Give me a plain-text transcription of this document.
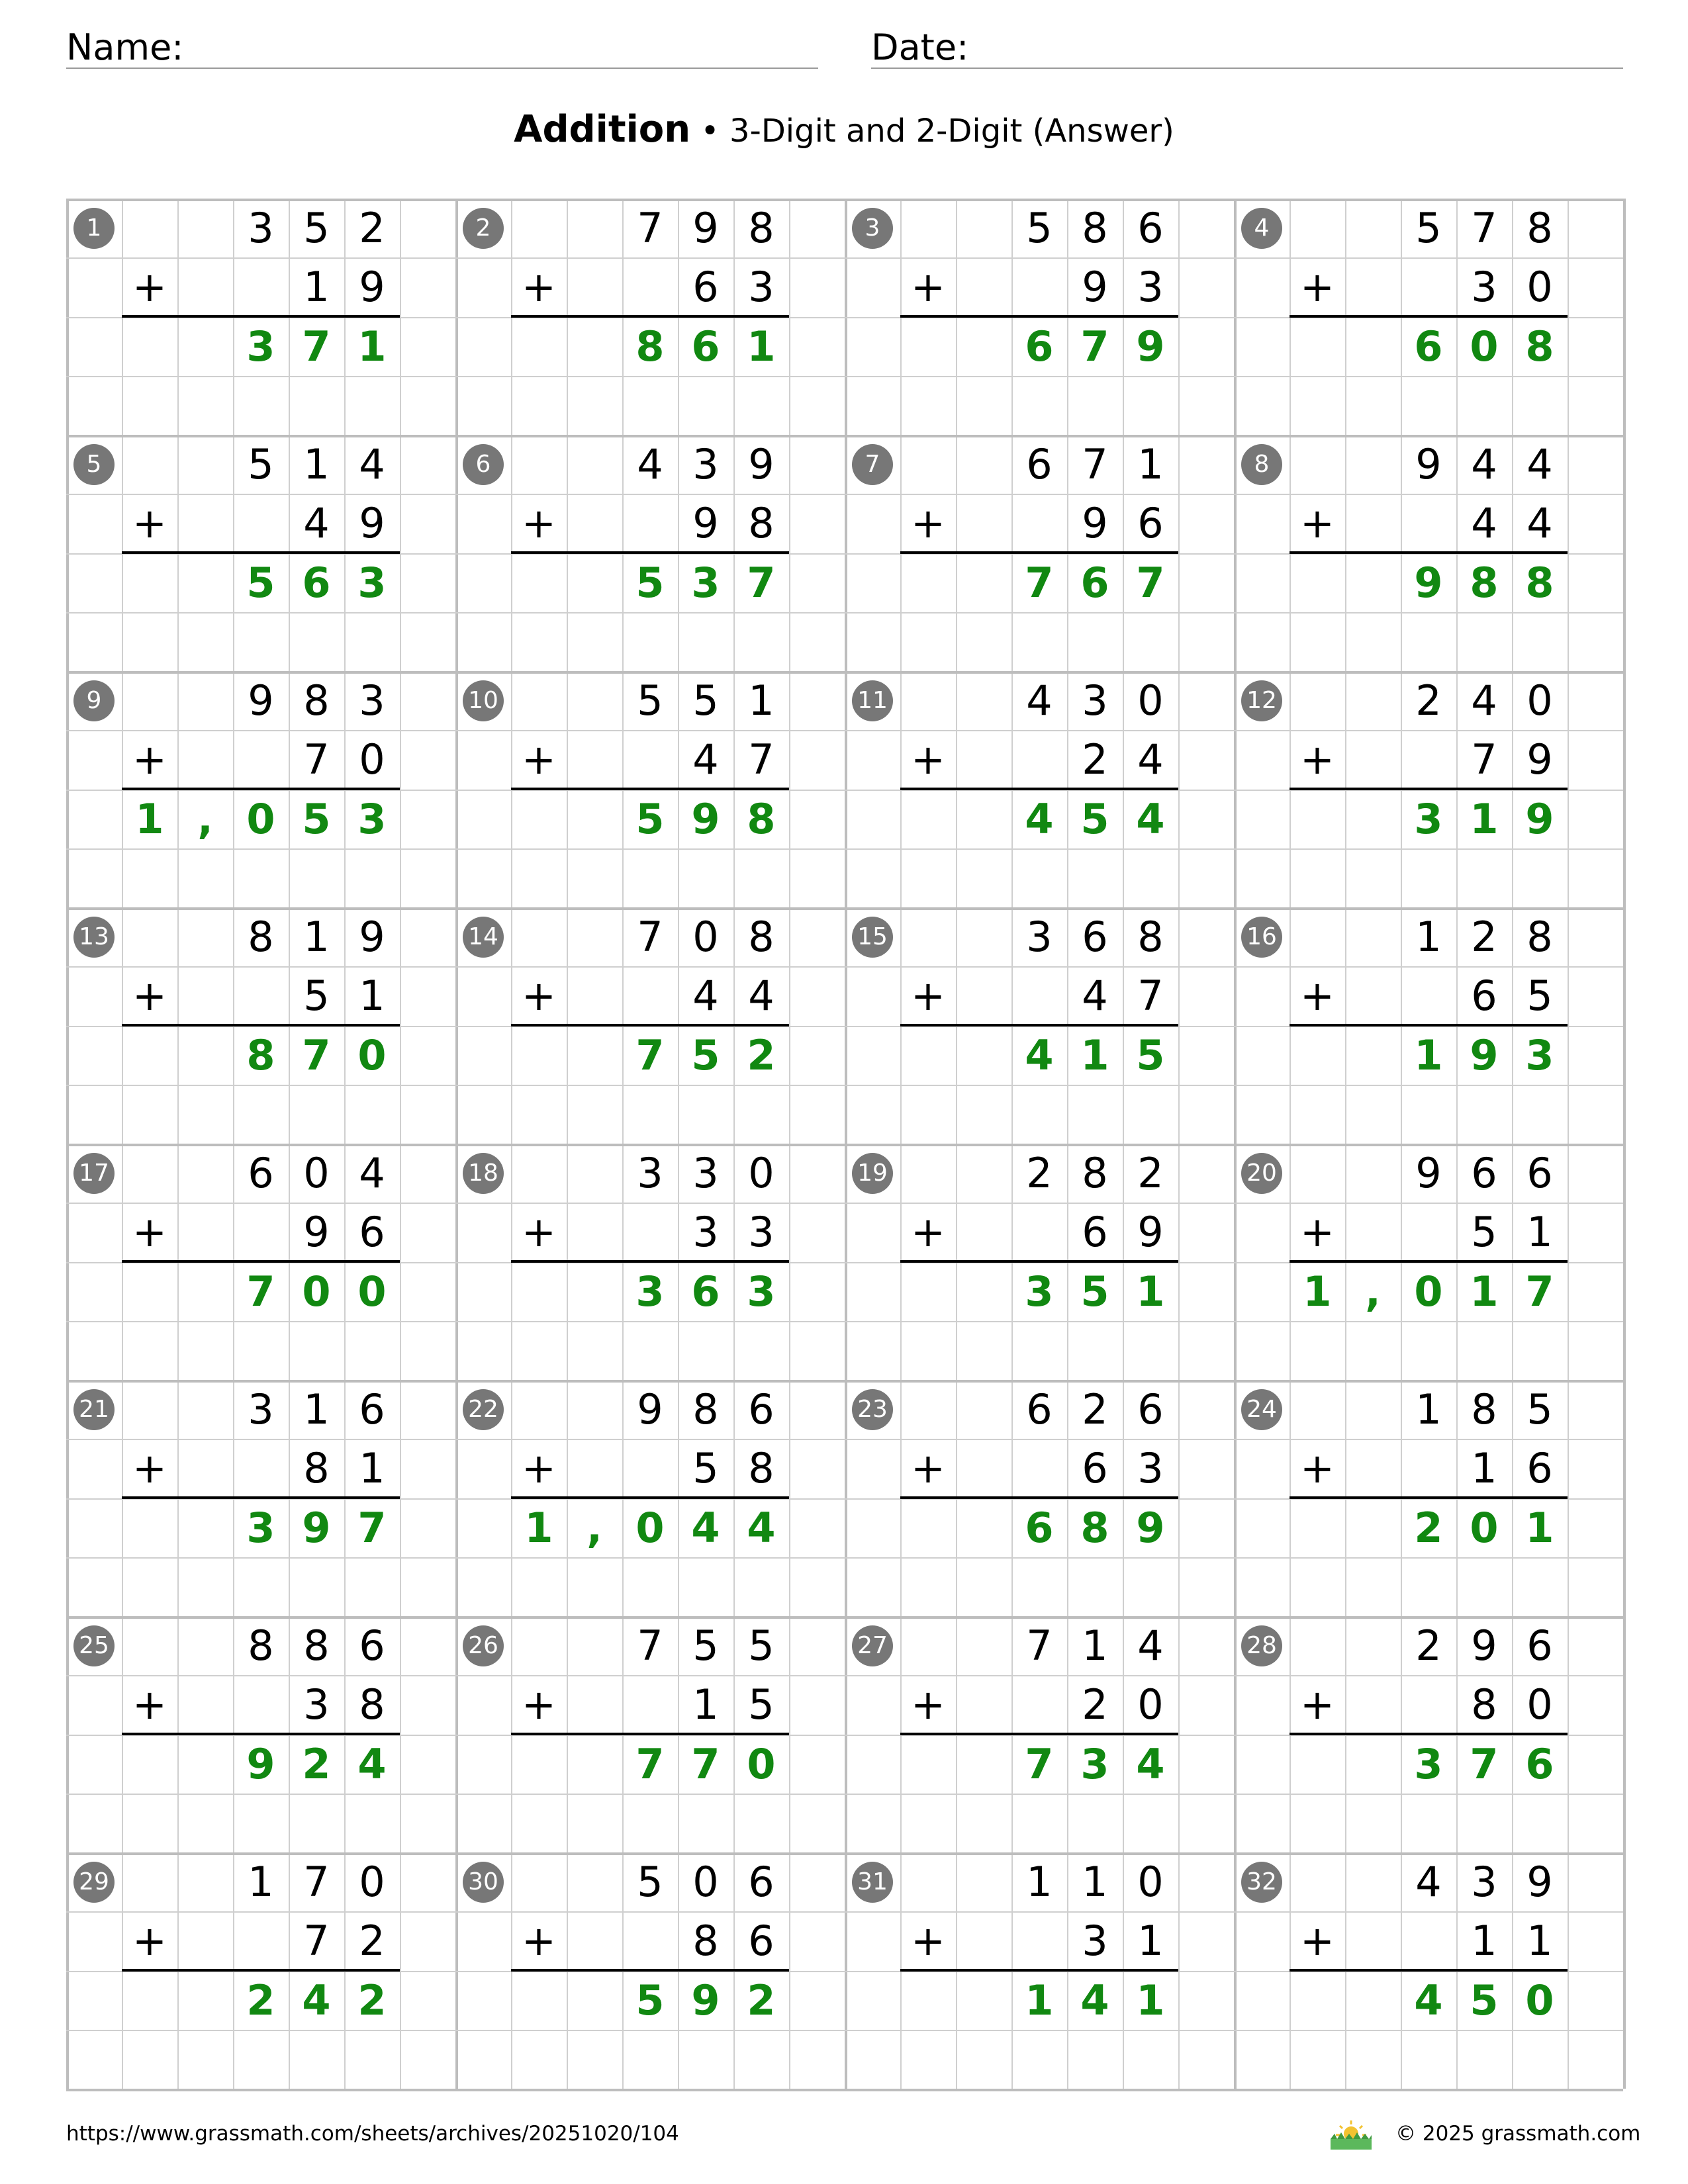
Name:	Date:
Addition • 3-Digit and 2-Digit (Answer)
1	3 5 2
+	1 9
3 7 1
2	7 9 8
+	6 3
8 6 1
3	5 8 6
+	9 3
6 7 9
4	5 7 8
+	3 0
6 0 8
5	5 1 4
+	4 9
5 6 3
6	4 3 9
+	9 8
5 3 7
7	6 7 1
+	9 6
7 6 7
8	9 4 4
+	4 4
9 8 8
9	9 8 3
+	7 0
1 , 0 5 3
10	5 5 1
+	4 7
5 9 8
11	4 3 0
+	2 4
4 5 4
12	2 4 0
+	7 9
3 1 9
13	8 1 9
+	5 1
8 7 0
14	7 0 8
+	4 4
7 5 2
15	3 6 8
+	4 7
4 1 5
16	1 2 8
+	6 5
1 9 3
17	6 0 4
+	9 6
7 0 0
18	3 3 0
+	3 3
3 6 3
19	2 8 2
+	6 9
3 5 1
20	9 6 6
+	5 1
1 , 0 1 7
21	3 1 6
+	8 1
3 9 7
22	9 8 6
+	5 8
1 , 0 4 4
23	6 2 6
+	6 3
6 8 9
24	1 8 5
+	1 6
2 0 1
25	8 8 6
+	3 8
9 2 4
26	7 5 5
+	1 5
7 7 0
27	7 1 4
+	2 0
7 3 4
28	2 9 6
+	8 0
3 7 6
29	1 7 0
+	7 2
2 4 2
30	5 0 6
+	8 6
5 9 2
31	1 1 0
+	3 1
1 4 1
32	4 3 9
+	1 1
4 5 0
https://www.grassmath.com/sheets/archives/20251020/104	© 2025 grassmath.com
